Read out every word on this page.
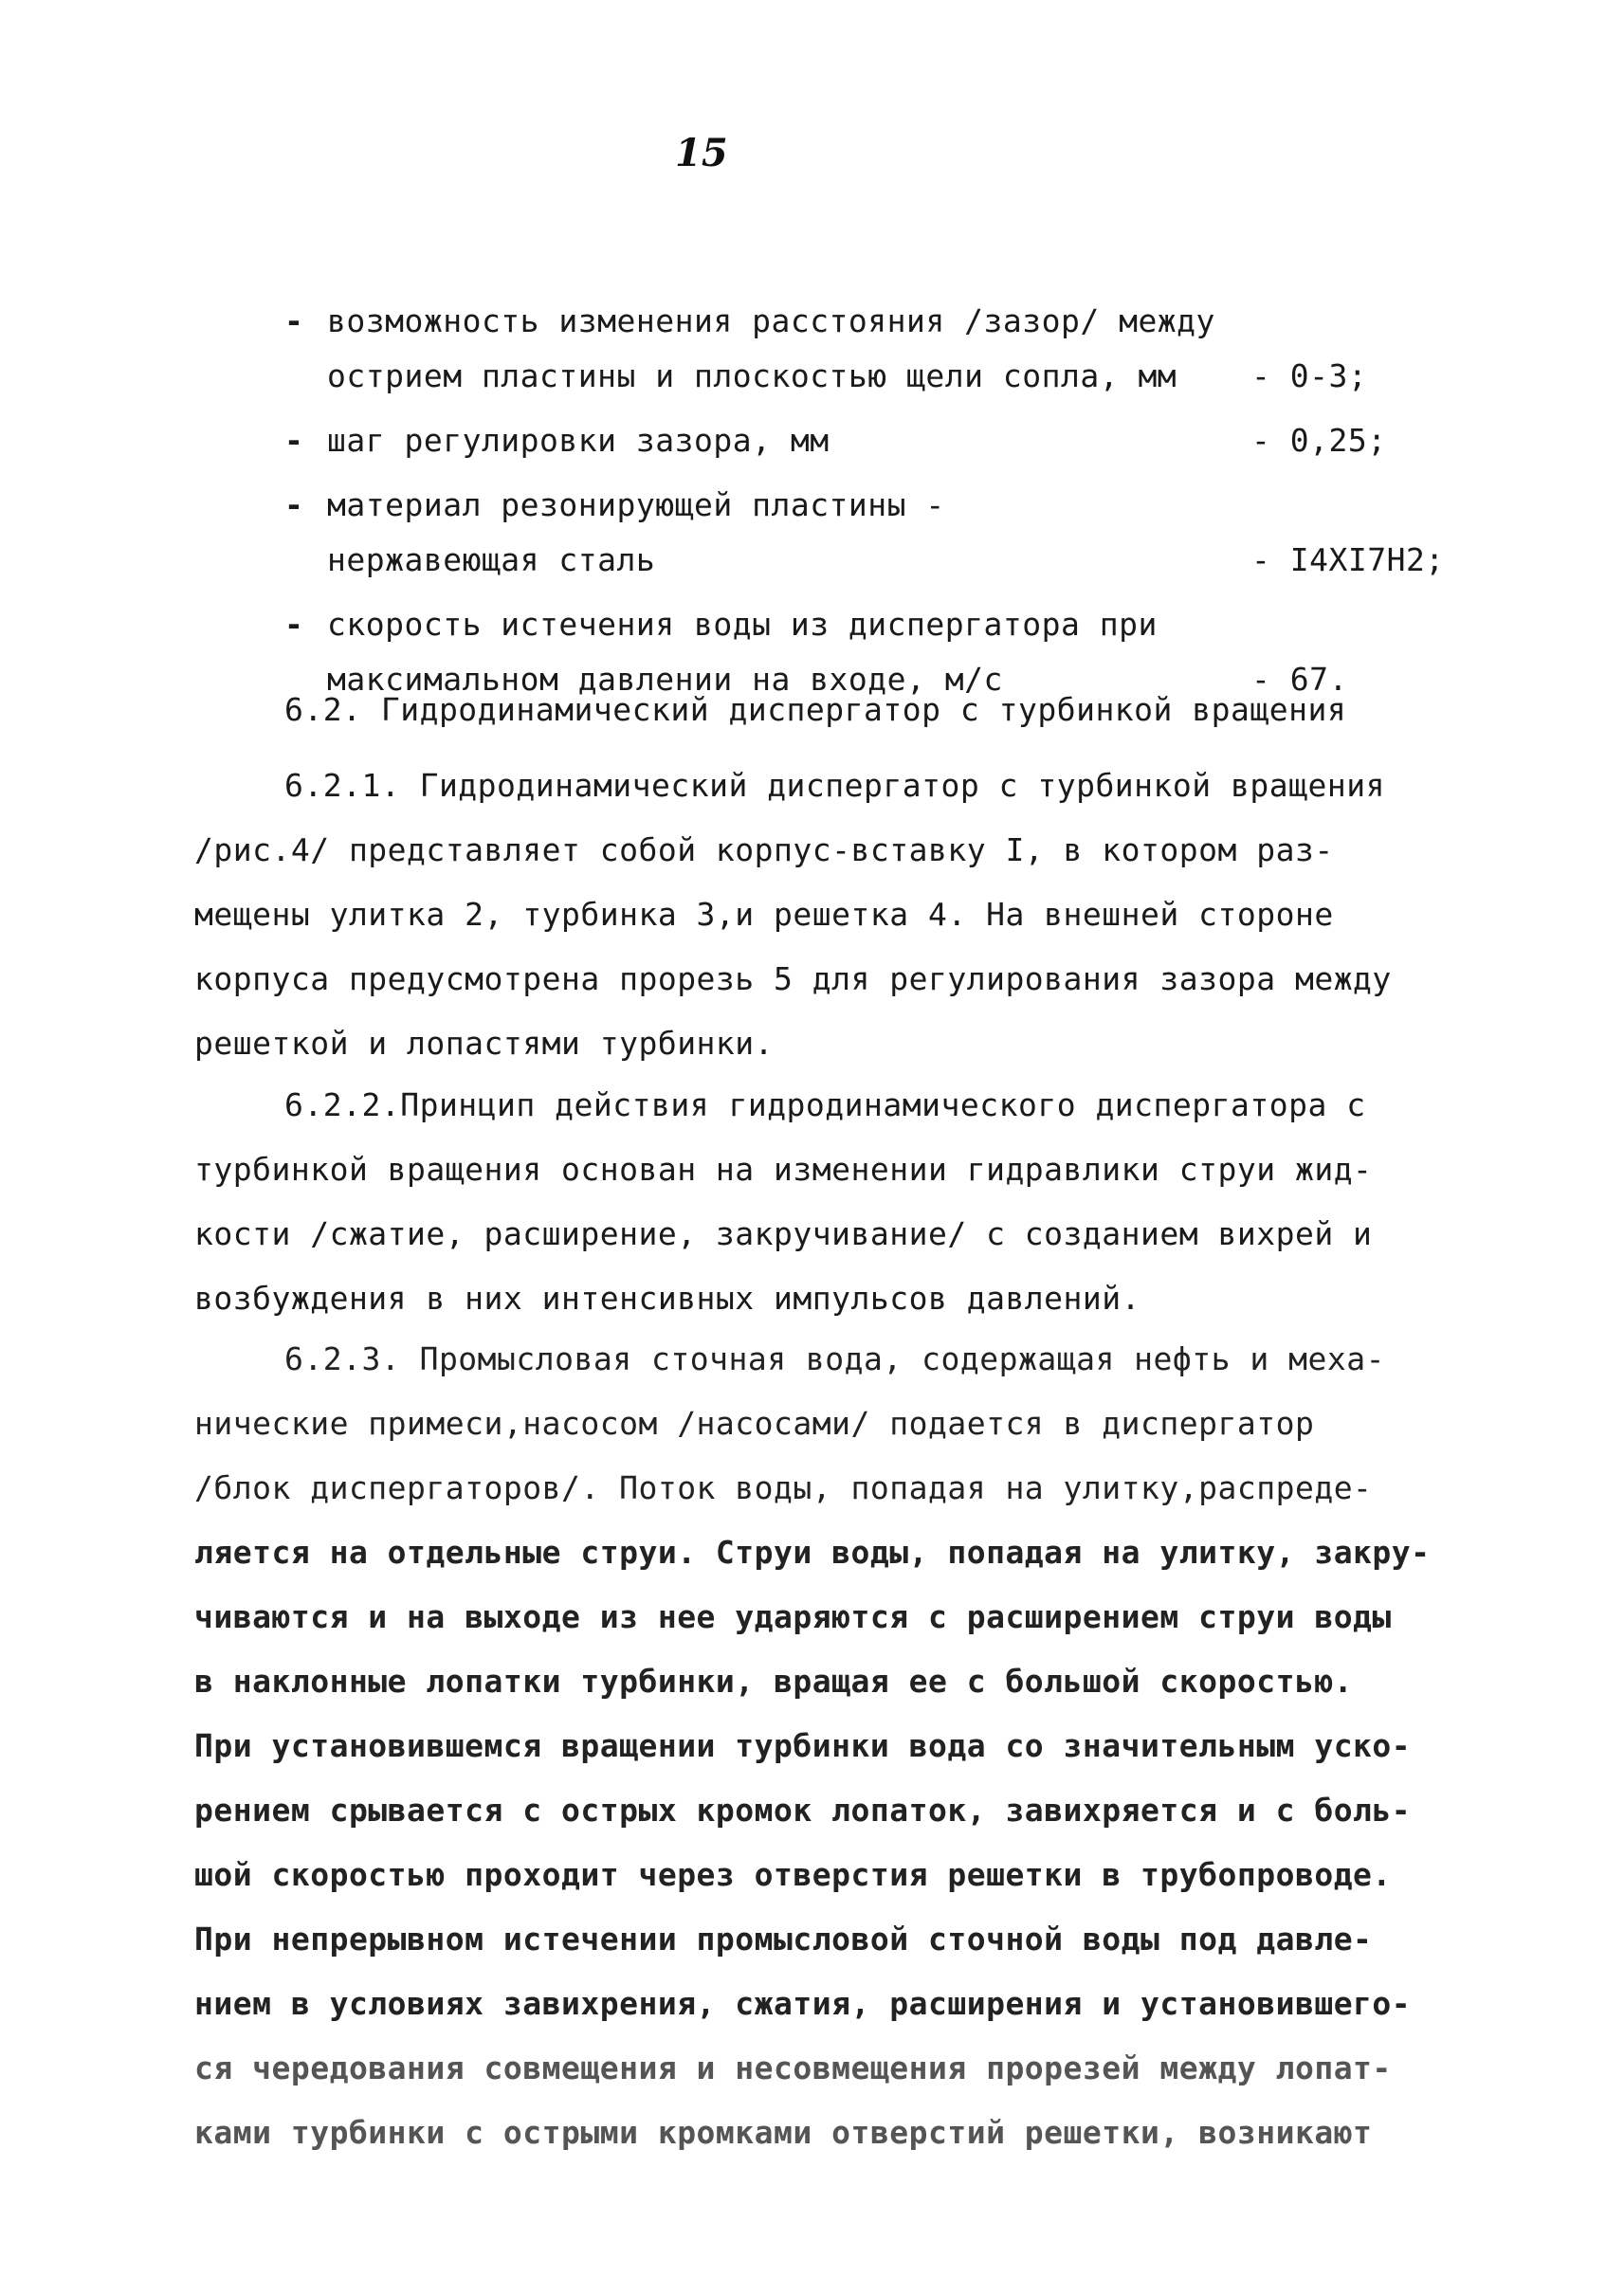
15
- возможность изменения расстояния /зазор/ между
острием пластины и плоскостью щели сопла, мм - 0-3;
- шаг регулировки зазора, мм	- 0,25;
- материал резонирующей пластины -
нержавеющая сталь	- I4XI7H2;
- скорость истечения воды из диспергатора при
максимальном давлении на входе, м/с	- 67.
6.2. Гидродинамический диспергатор с турбинкой вращения
6.2.1. Гидродинамический диспергатор с турбинкой вращения
/рис.4/ представляет собой корпус-вставку I, в котором раз-
мещены улитка 2, турбинка 3,и решетка 4. На внешней стороне
корпуса предусмотрена прорезь 5 для регулирования зазора между
решеткой и лопастями турбинки.
6.2.2.Принцип действия гидродинамического диспергатора с
турбинкой вращения основан на изменении гидравлики струи жид-
кости /сжатие, расширение, закручивание/ с созданием вихрей и
возбуждения в них интенсивных импульсов давлений.
6.2.3. Промысловая сточная вода, содержащая нефть и меха-
нические примеси,насосом /насосами/ подается в диспергатор
/блок диспергаторов/. Поток воды, попадая на улитку,распреде-
ляется на отдельные струи. Струи воды, попадая на улитку, закру-
чиваются и на выходе из нее ударяются с расширением струи воды
в наклонные лопатки турбинки, вращая ее с большой скоростью.
При установившемся вращении турбинки вода со значительным уско-
рением срывается с острых кромок лопаток, завихряется и с боль-
шой скоростью проходит через отверстия решетки в трубопроводе.
При непрерывном истечении промысловой сточной воды под давле-
нием в условиях завихрения, сжатия, расширения и установившего-
ся чередования совмещения и несовмещения прорезей между лопат-
ками турбинки с острыми кромками отверстий решетки, возникают
